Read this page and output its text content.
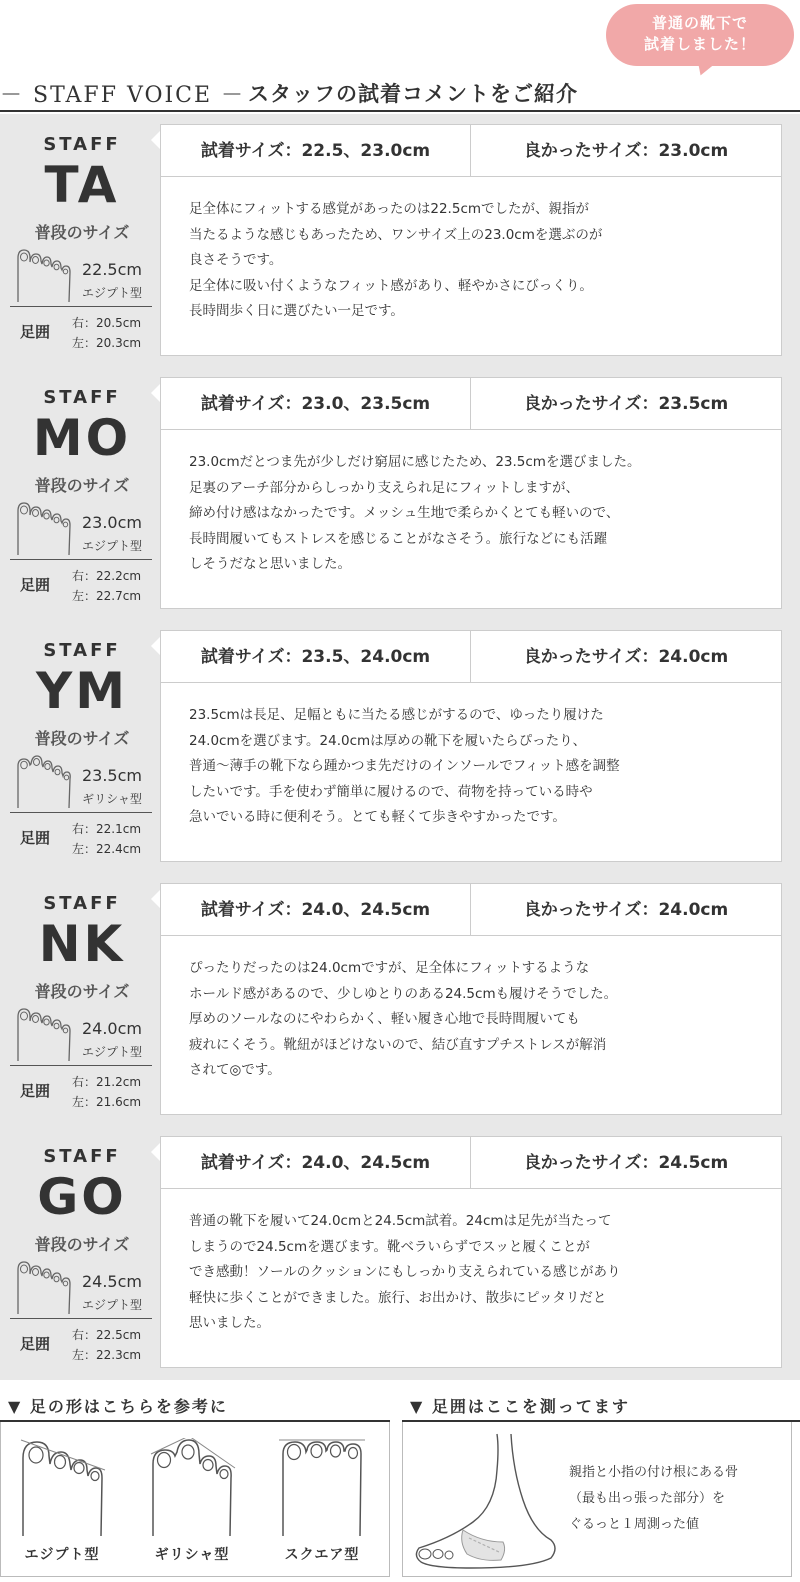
普通の靴下で
試着しました！
－ STAFF VOICE － スタッフの試着コメントをご紹介
STAFF
TA
普段のサイズ
22.5cm
エジプト型
足囲 右：20.5cm
左：20.3cm
試着サイズ：22.5、23.0cm	良かったサイズ：23.0cm
足全体にフィットする感覚があったのは22.5cmでしたが、親指が
当たるような感じもあったため、ワンサイズ上の23.0cmを選ぶのが
良さそうです。
足全体に吸い付くようなフィット感があり、軽やかさにびっくり。
長時間歩く日に選びたい一足です。
STAFF
MO
普段のサイズ
23.0cm
エジプト型
足囲 右：22.2cm
左：22.7cm
試着サイズ：23.0、23.5cm	良かったサイズ：23.5cm
23.0cmだとつま先が少しだけ窮屈に感じたため、23.5cmを選びました。
足裏のアーチ部分からしっかり支えられ足にフィットしますが、
締め付け感はなかったです。メッシュ生地で柔らかくとても軽いので、
長時間履いてもストレスを感じることがなさそう。旅行などにも活躍
しそうだなと思いました。
STAFF
YM
普段のサイズ
23.5cm
ギリシャ型
足囲 右：22.1cm
左：22.4cm
試着サイズ：23.5、24.0cm	良かったサイズ：24.0cm
23.5cmは長足、足幅ともに当たる感じがするので、ゆったり履けた
24.0cmを選びます。24.0cmは厚めの靴下を履いたらぴったり、
普通〜薄手の靴下なら踵かつま先だけのインソールでフィット感を調整
したいです。手を使わず簡単に履けるので、荷物を持っている時や
急いでいる時に便利そう。とても軽くて歩きやすかったです。
STAFF
NK
普段のサイズ
24.0cm
エジプト型
足囲 右：21.2cm
左：21.6cm
試着サイズ：24.0、24.5cm	良かったサイズ：24.0cm
ぴったりだったのは24.0cmですが、足全体にフィットするような
ホールド感があるので、少しゆとりのある24.5cmも履けそうでした。
厚めのソールなのにやわらかく、軽い履き心地で長時間履いても
疲れにくそう。靴紐がほどけないので、結び直すプチストレスが解消
されて◎です。
STAFF
GO
普段のサイズ
24.5cm
エジプト型
足囲 右：22.5cm
左：22.3cm
試着サイズ：24.0、24.5cm	良かったサイズ：24.5cm
普通の靴下を履いて24.0cmと24.5cm試着。24cmは足先が当たって
しまうので24.5cmを選びます。靴ベラいらずでスッと履くことが
でき感動！ソールのクッションにもしっかり支えられている感じがあり
軽快に歩くことができました。旅行、お出かけ、散歩にピッタリだと
思いました。
▼ 足の形はこちらを参考に
エジプト型	ギリシャ型	スクエア型
▼ 足囲はここを測ってます
親指と小指の付け根にある骨
（最も出っ張った部分）を
ぐるっと１周測った値
